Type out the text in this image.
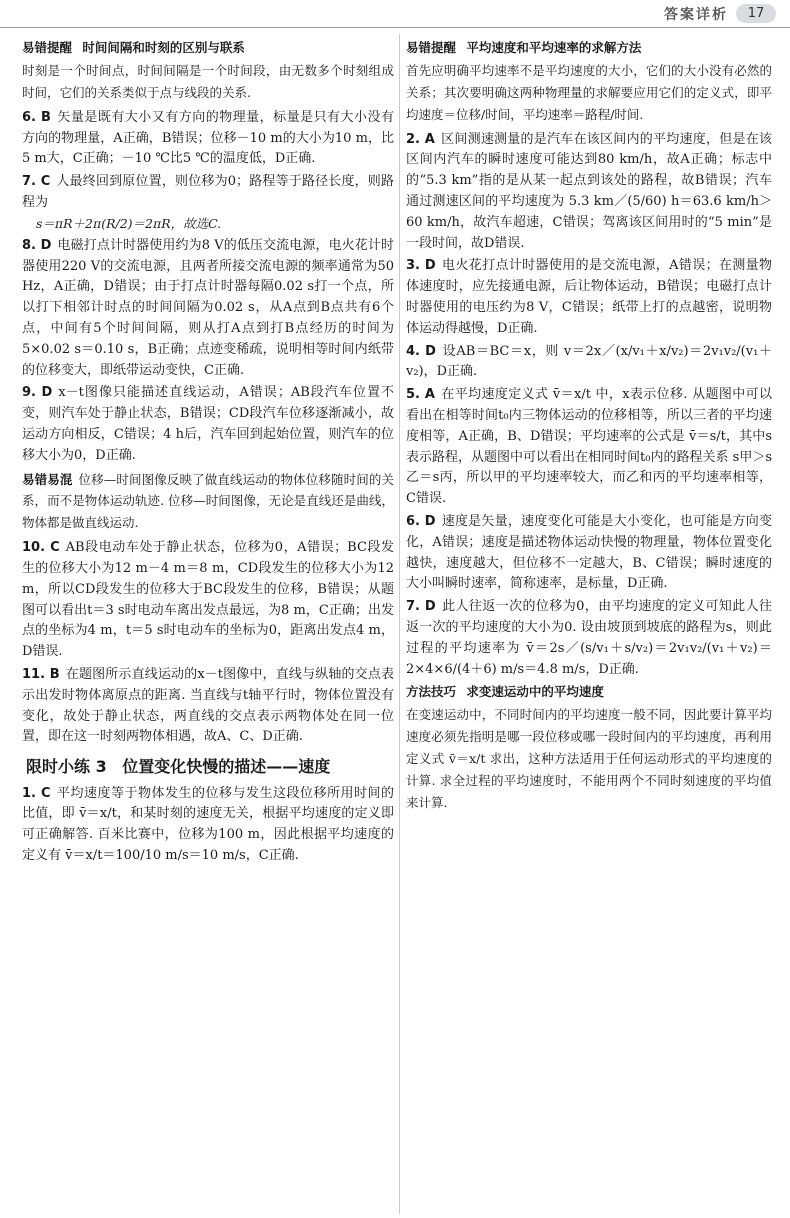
答案详析	17
易错提醒 时间间隔和时刻的区别与联系

时刻是一个时间点，时间间隔是一个时间段，由无数多个时刻组成时间，它们的关系类似于点与线段的关系.

6. B 矢量是既有大小又有方向的物理量，标量是只有大小没有方向的物理量，A正确，B错误；位移－10 m的大小为10 m，比5 m大，C正确；－10 ℃比5 ℃的温度低，D正确.

7. C 人最终回到原位置，则位移为0；路程等于路径长度，则路程为
s＝πR＋2π(R/2)＝2πR，故选C.

8. D 电磁打点计时器使用约为8 V的低压交流电源，电火花计时器使用220 V的交流电源，且两者所接交流电源的频率通常为50 Hz，A正确，D错误；由于打点计时器每隔0.02 s打一个点，所以打下相邻计时点的时间间隔为0.02 s，从A点到B点共有6个点，中间有5个时间间隔，则从打A点到打B点经历的时间为5×0.02 s＝0.10 s，B正确；点迹变稀疏，说明相等时间内纸带的位移变大，即纸带运动变快，C正确.

9. D x－t图像只能描述直线运动，A错误；AB段汽车位置不变，则汽车处于静止状态，B错误；CD段汽车位移逐渐减小，故运动方向相反，C错误；4 h后，汽车回到起始位置，则汽车的位移大小为0，D正确.

易错易混 位移—时间图像反映了做直线运动的物体位移随时间的关系，而不是物体运动轨迹. 位移—时间图像，无论是直线还是曲线，物体都是做直线运动.

10. C AB段电动车处于静止状态，位移为0，A错误；BC段发生的位移大小为12 m－4 m＝8 m，CD段发生的位移大小为12 m，所以CD段发生的位移大于BC段发生的位移，B错误；从题图可以看出t＝3 s时电动车离出发点最远，为8 m，C正确；出发点的坐标为4 m，t＝5 s时电动车的坐标为0，距离出发点4 m，D错误.

11. B 在题图所示直线运动的x－t图像中，直线与纵轴的交点表示出发时物体离原点的距离. 当直线与t轴平行时，物体位置没有变化，故处于静止状态，两直线的交点表示两物体处在同一位置，即在这一时刻两物体相遇，故A、C、D正确.

限时小练 3 位置变化快慢的描述——速度

1. C 平均速度等于物体发生的位移与发生这段位移所用时间的比值，即 v̄＝x/t，和某时刻的速度无关，根据平均速度的定义即可正确解答. 百米比赛中，位移为100 m，因此根据平均速度的定义有 v̄＝x/t＝100/10 m/s＝10 m/s，C正确.

易错提醒 平均速度和平均速率的求解方法

首先应明确平均速率不是平均速度的大小，它们的大小没有必然的关系；其次要明确这两种物理量的求解要应用它们的定义式，即平均速度＝位移/时间，平均速率＝路程/时间.

2. A 区间测速测量的是汽车在该区间内的平均速度，但是在该区间内汽车的瞬时速度可能达到80 km/h，故A正确；标志中的“5.3 km”指的是从某一起点到该处的路程，故B错误；汽车通过测速区间的平均速度为 5.3 km／(5/60) h＝63.6 km/h＞60 km/h，故汽车超速，C错误；驾离该区间用时的“5 min”是一段时间，故D错误.

3. D 电火花打点计时器使用的是交流电源，A错误；在测量物体速度时，应先接通电源，后让物体运动，B错误；电磁打点计时器使用的电压约为8 V，C错误；纸带上打的点越密，说明物体运动得越慢，D正确.

4. D 设AB＝BC＝x，则 v＝2x／(x/v₁＋x/v₂)＝2v₁v₂/(v₁＋v₂)，D正确.

5. A 在平均速度定义式 v̄＝x/t 中，x表示位移. 从题图中可以看出在相等时间t₀内三物体运动的位移相等，所以三者的平均速度相等，A正确，B、D错误；平均速率的公式是 v̄＝s/t，其中s表示路程，从题图中可以看出在相同时间t₀内的路程关系 s甲＞s乙＝s丙，所以甲的平均速率较大，而乙和丙的平均速率相等，C错误.

6. D 速度是矢量，速度变化可能是大小变化，也可能是方向变化，A错误；速度是描述物体运动快慢的物理量，物体位置变化越快，速度越大，但位移不一定越大，B、C错误；瞬时速度的大小叫瞬时速率，简称速率，是标量，D正确.

7. D 此人往返一次的位移为0，由平均速度的定义可知此人往返一次的平均速度的大小为0. 设由坡顶到坡底的路程为s，则此过程的平均速率为 v̄＝2s／(s/v₁＋s/v₂)＝2v₁v₂/(v₁＋v₂)＝2×4×6/(4＋6) m/s＝4.8 m/s，D正确.

方法技巧 求变速运动中的平均速度

在变速运动中，不同时间内的平均速度一般不同，因此要计算平均速度必须先指明是哪一段位移或哪一段时间内的平均速度，再利用定义式 v̄＝x/t 求出，这种方法适用于任何运动形式的平均速度的计算. 求全过程的平均速度时，不能用两个不同时刻速度的平均值来计算.
